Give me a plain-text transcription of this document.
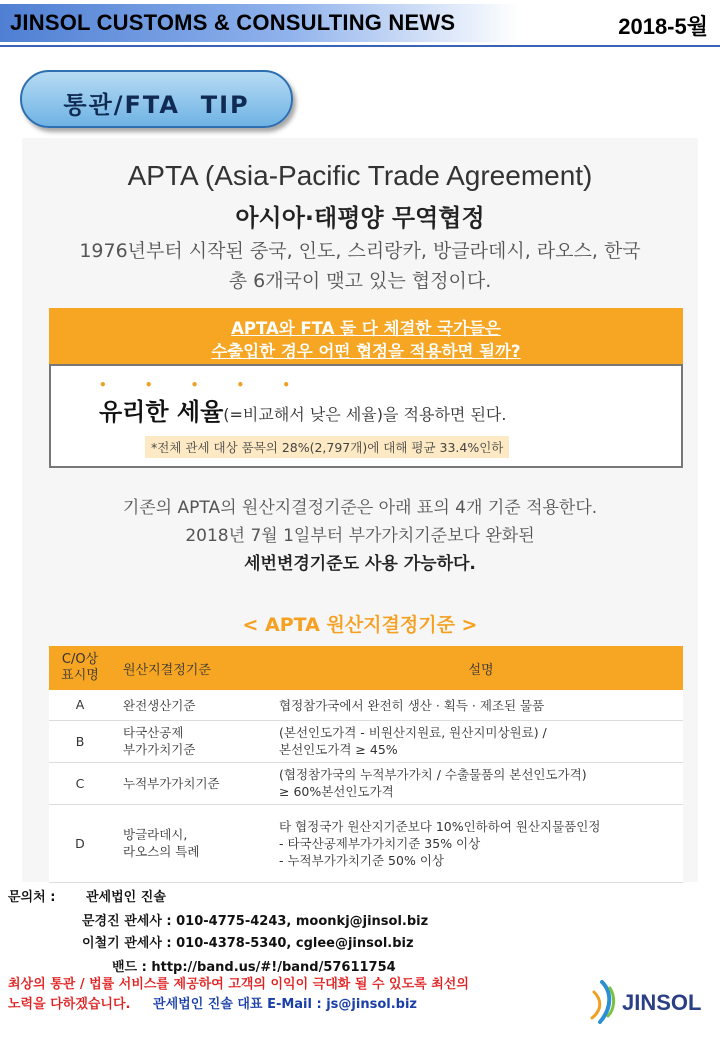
JINSOL CUSTOMS & CONSULTING NEWS	2018-5월
통관/FTA  TIP
APTA (Asia-Pacific Trade Agreement)
아시아·태평양 무역협정
1976년부터 시작된 중국, 인도, 스리랑카, 방글라데시, 라오스, 한국
총 6개국이 맺고 있는 협정이다.
APTA와 FTA 둘 다 체결한 국가들은
수출입한 경우 어떤 협정을 적용하면 될까?
• • • • •
유리한 세율(=비교해서 낮은 세율)을 적용하면 된다.
*전체 관세 대상 품목의 28%(2,797개)에 대해 평균 33.4%인하
기존의 APTA의 원산지결정기준은 아래 표의 4개 기준 적용한다.
2018년 7월 1일부터 부가가치기준보다 완화된
세번변경기준도 사용 가능하다.
< APTA 원산지결정기준 >
C/O상
표시명	원산지결정기준	설명
A	완전생산기준	협정참가국에서 완전히 생산 · 획득 · 제조된 물품
B	타국산공제
부가가치기준	(본선인도가격 - 비원산지원료, 원산지미상원료) /
본선인도가격 ≥ 45%
C	누적부가가치기준	(협정참가국의 누적부가가치 / 수출물품의 본선인도가격)
≥ 60%본선인도가격
D	방글라데시,
라오스의 특례	타 협정국가 원산지기준보다 10%인하하여 원산지물품인정
- 타국산공제부가가치기준 35% 이상
- 누적부가가치기준 50% 이상
문의처 : 관세법인 진솔
문경진 관세사 : 010-4775-4243, moonkj@jinsol.biz
이철기 관세사 : 010-4378-5340, cglee@jinsol.biz
밴드 : http://band.us/#!/band/57611754
최상의 통관 / 법률 서비스를 제공하여 고객의 이익이 극대화 될 수 있도록 최선의
노력을 다하겠습니다. 관세법인 진솔 대표 E-Mail : js@jinsol.biz	JINSOL
